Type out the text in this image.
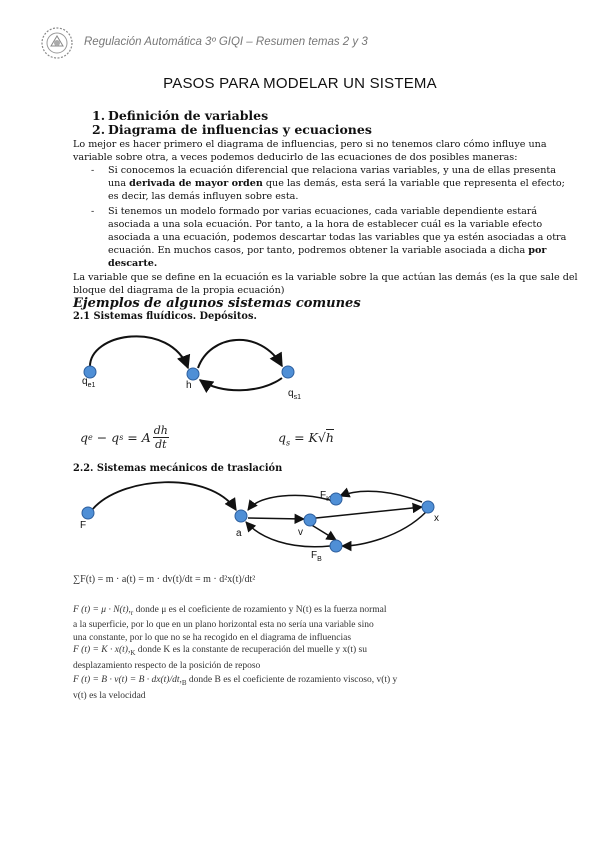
Regulación Automática 3º GIQI – Resumen temas 2 y 3
PASOS PARA MODELAR UN SISTEMA
1. Definición de variables
2. Diagrama de influencias y ecuaciones
Lo mejor es hacer primero el diagrama de influencias, pero si no tenemos claro cómo influye una
variable sobre otra, a veces podemos deducirlo de las ecuaciones de dos posibles maneras:
- Si conocemos la ecuación diferencial que relaciona varias variables, y una de ellas presenta
una derivada de mayor orden que las demás, esta será la variable que representa el efecto;
es decir, las demás influyen sobre esta.
- Si tenemos un modelo formado por varias ecuaciones, cada variable dependiente estará
asociada a una sola ecuación. Por tanto, a la hora de establecer cuál es la variable efecto
asociada a una ecuación, podemos descartar todas las variables que ya estén asociadas a otra
ecuación. En muchos casos, por tanto, podremos obtener la variable asociada a dicha por
descarte.
La variable que se define en la ecuación es la variable sobre la que actúan las demás (es la que sale del
bloque del diagrama de la propia ecuación)
Ejemplos de algunos sistemas comunes
2.1 Sistemas fluídicos. Depósitos.
$q_{e1}$	h
$q_{s1}$
q e − q s = A dh
dt	$q_s = K√h$
2.2. Sistemas mecánicos de traslación
F
a
$F_K$
v
x
$F_B$
∑F(t) = m · a(t) = m · dv(t)/dt = m · d²x(t)/dt²
F $(t) = \mu \cdot N(t),_r$ donde μ es el coeficiente de rozamiento y N(t) es la fuerza normal
a la superficie, por lo que en un plano horizontal esta no sería una variable sino
una constante, por lo que no se ha recogido en el diagrama de influencias
F $(t) = K \cdot x(t),_K$ donde K es la constante de recuperación del muelle y x(t) su
desplazamiento respecto de la posición de reposo
F $(t) = B \cdot v(t) = B \cdot dx(t)/dt,_B$ donde B es el coeficiente de rozamiento viscoso, v(t) y
v(t) es la velocidad
